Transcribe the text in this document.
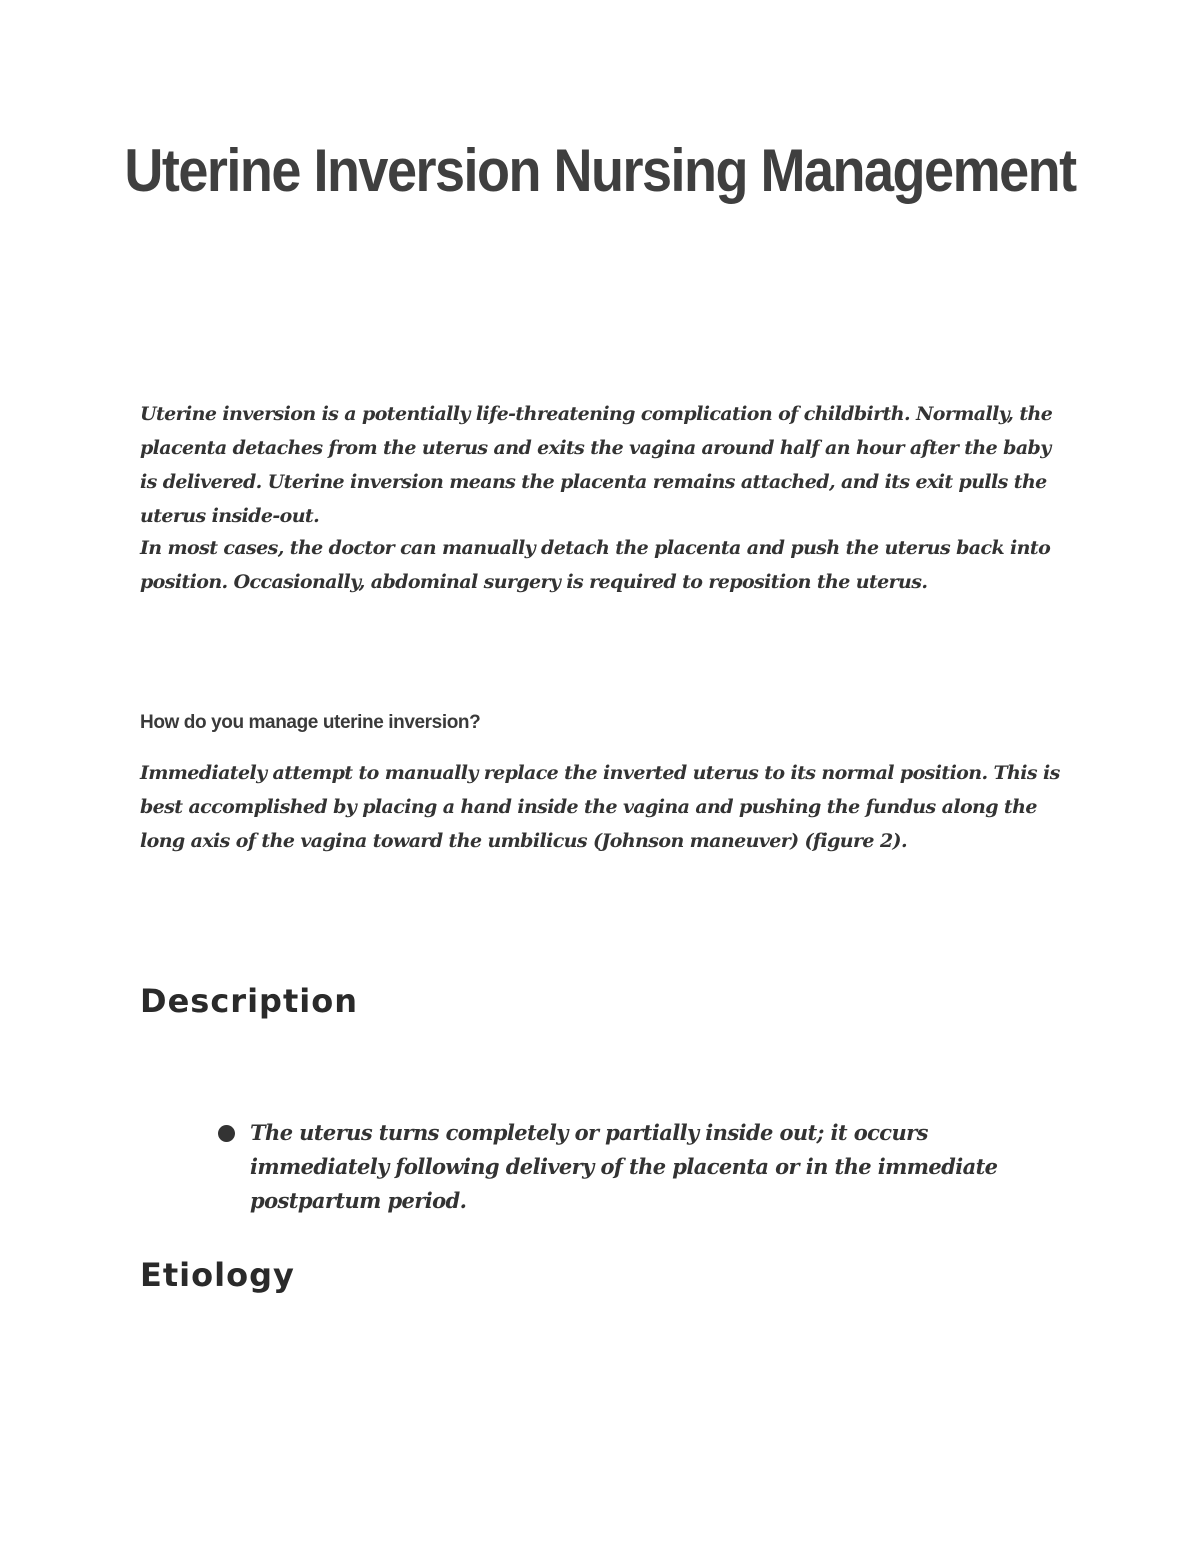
Uterine Inversion Nursing Management

Uterine inversion is a potentially life-threatening complication of childbirth. Normally, the placenta detaches from the uterus and exits the vagina around half an hour after the baby is delivered. Uterine inversion means the placenta remains attached, and its exit pulls the uterus inside-out.

In most cases, the doctor can manually detach the placenta and push the uterus back into position. Occasionally, abdominal surgery is required to reposition the uterus.

How do you manage uterine inversion?

Immediately attempt to manually replace the inverted uterus to its normal position. This is best accomplished by placing a hand inside the vagina and pushing the fundus along the long axis of the vagina toward the umbilicus (Johnson maneuver) (figure 2).

Description
The uterus turns completely or partially inside out; it occurs immediately following delivery of the placenta or in the immediate postpartum period.
Etiology
